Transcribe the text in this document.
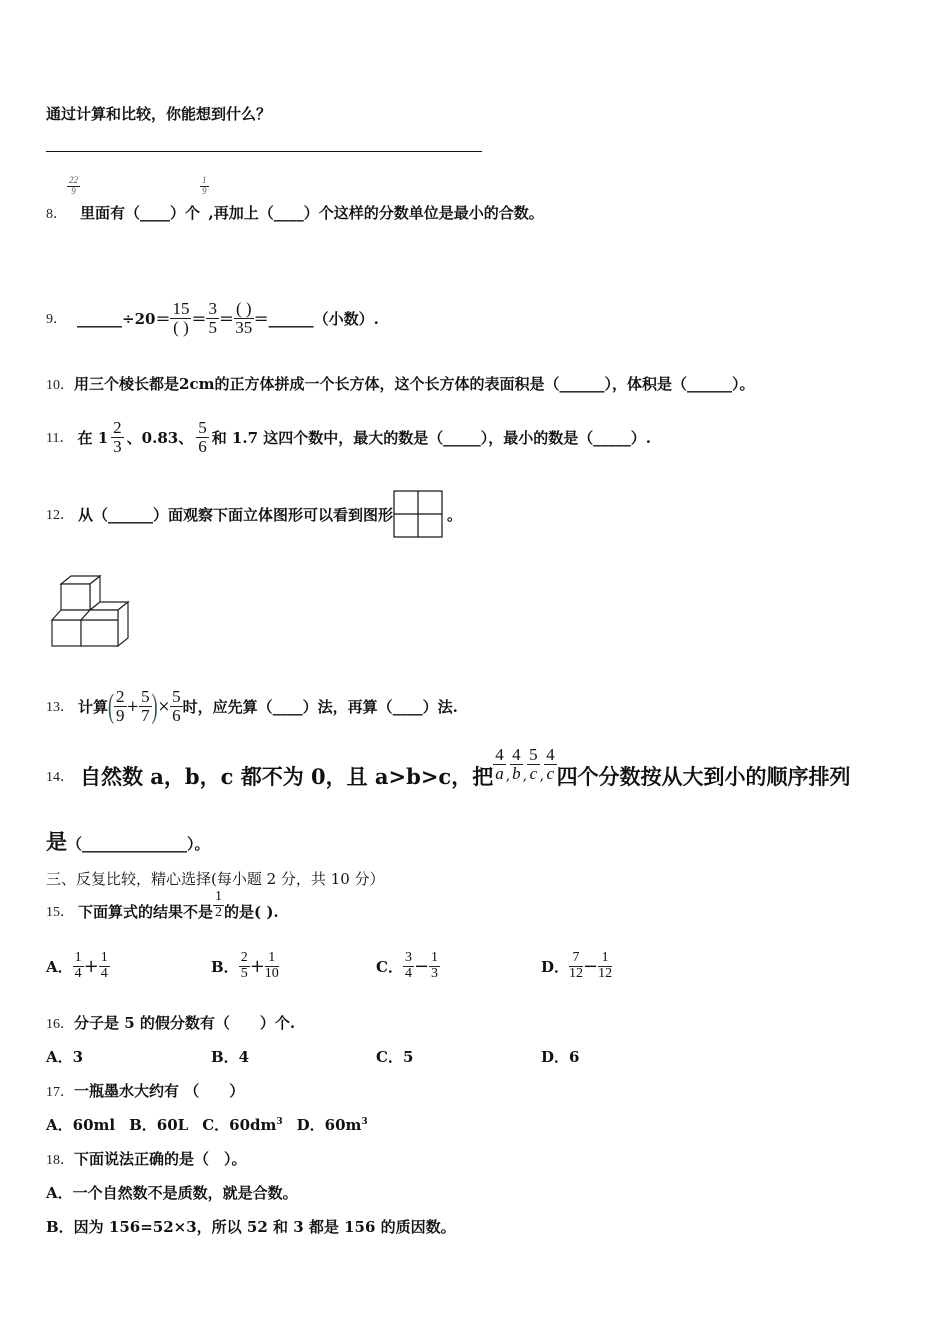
通过计算和比较，你能想到什么？
8．
$\frac{22}{9}$
里面有（____）个
$\frac{1}{9}$
,再加上（____）个这样的分数单位是最小的合数。
9． ______÷20＝ $\frac{15}{( )} = \frac{3}{5} = \frac{( )}{35}$ ＝______（小数）.
10．用三个棱长都是2cm的正方体拼成一个长方体，这个长方体的表面积是（______），体积是（______）。
11． 在 $1 \frac{2}{3}$ 、0.83、 $\frac{5}{6}$ 和 1.7 这四个数中，最大的数是（_____），最小的数是（_____）.
12． 从（______）面观察下面立体图形可以看到图形	。
13． 计算 ( $\frac{2}{9} + \frac{5}{7}$ ) × $\frac{5}{6}$ 时，应先算（____）法，再算（____）法.
14． 自然数 a，b，c 都不为 0，且 a>b>c，把 $\frac{4}{a}$ , $\frac{4}{b}$ , $\frac{5}{c}$ , $\frac{4}{c}$ 四个分数按从大到小的顺序排列
是（______________）。
三、反复比较，精心选择(每小题 2 分，共 10 分）
15． 下面算式的结果不是 $\frac{1}{2}$ 的是( ).
A． $\frac{1}{4} + \frac{1}{4}$	B． $\frac{2}{5} + \frac{1}{10}$	C． $\frac{3}{4} - \frac{1}{3}$	D． $\frac{7}{12} - \frac{1}{12}$
16．分子是 5 的假分数有（　　）个.
A．3	B．4	C．5	D．6
17．一瓶墨水大约有 （　　）
A．60ml B．60L C．$60dm^3$ D．$60m^3$
18．下面说法正确的是（　）。
A．一个自然数不是质数，就是合数。
B．因为 156=52×3，所以 52 和 3 都是 156 的质因数。
